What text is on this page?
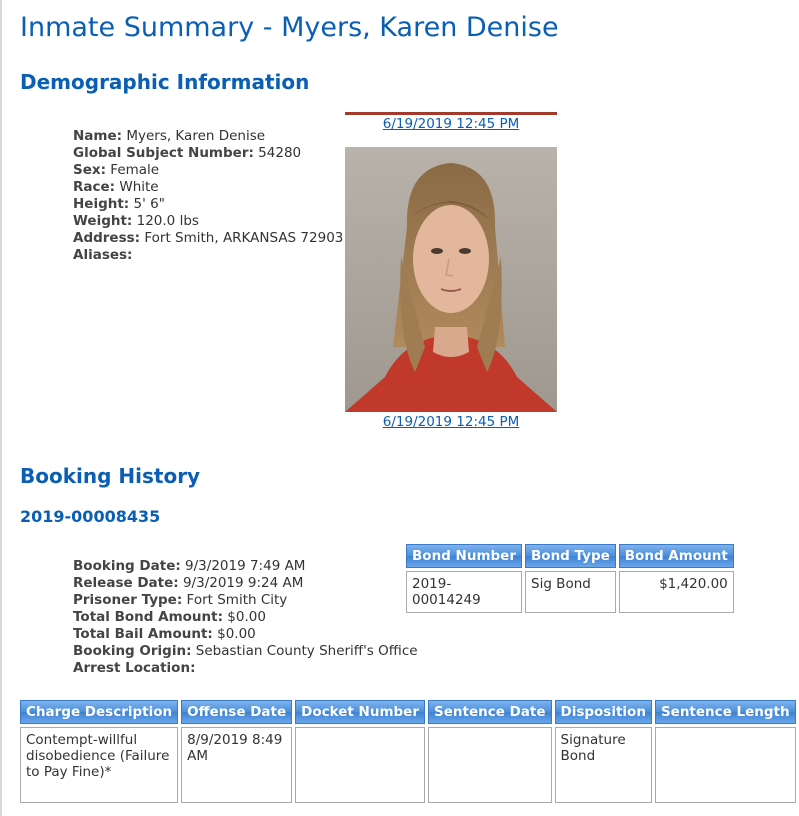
Inmate Summary - Myers, Karen Denise
Demographic Information
Name: Myers, Karen Denise
Global Subject Number: 54280
Sex: Female
Race: White
Height: 5' 6"
Weight: 120.0 lbs
Address: Fort Smith, ARKANSAS 72903
Aliases:
6/19/2019 12:45 PM
6/19/2019 12:45 PM
Booking History
2019-00008435
Booking Date: 9/3/2019 7:49 AM
Release Date: 9/3/2019 9:24 AM
Prisoner Type: Fort Smith City
Total Bond Amount: $0.00
Total Bail Amount: $0.00
Booking Origin: Sebastian County Sheriff's Office
Arrest Location:
Bond Number	Bond Type	Bond Amount
2019-00014249	Sig Bond	$1,420.00
Charge Description	Offense Date	Docket Number	Sentence Date	Disposition	Sentence Length
Contempt-willful disobedience (Failure to Pay Fine)*	8/9/2019 8:49 AM			Signature Bond	
